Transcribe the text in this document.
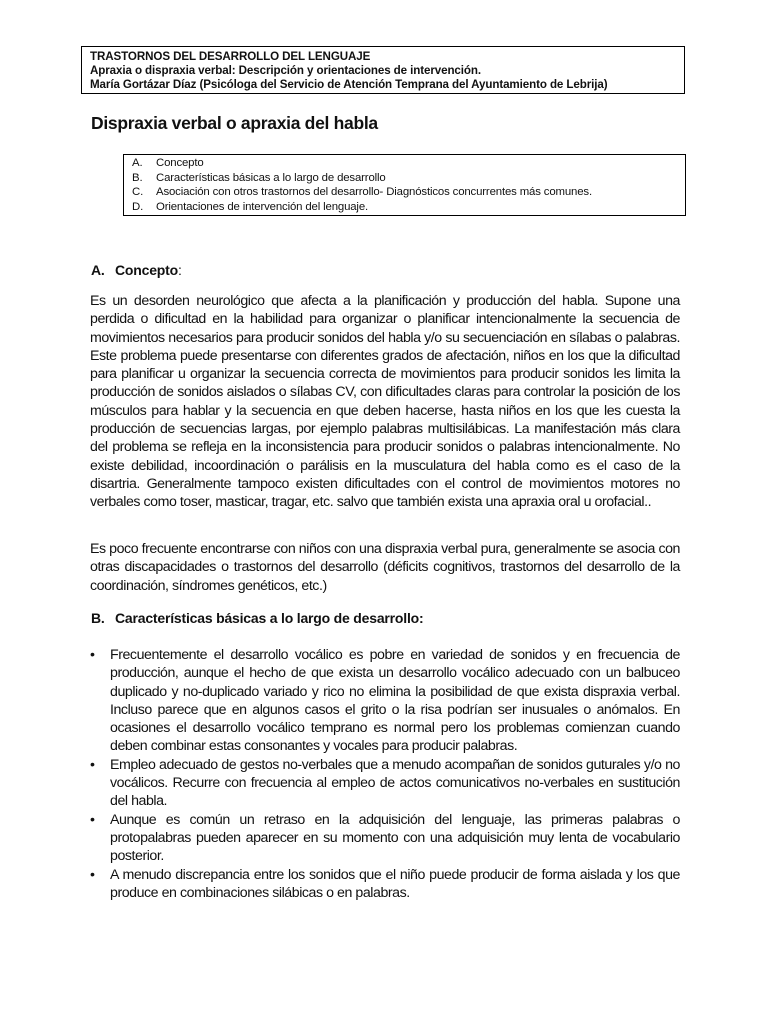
TRASTORNOS DEL DESARROLLO DEL LENGUAJE
Apraxia o dispraxia verbal: Descripción y orientaciones de intervención.
María Gortázar Díaz (Psicóloga del Servicio de Atención Temprana del Ayuntamiento de Lebrija)
Dispraxia verbal o apraxia del habla
A.	Concepto
B.	Características básicas a lo largo de desarrollo
C.	Asociación con otros trastornos del desarrollo- Diagnósticos concurrentes más comunes.
D.	Orientaciones de intervención del lenguaje.
A. Concepto:

Es un desorden neurológico que afecta a la planificación y producción del habla. Supone una perdida o dificultad en la habilidad para organizar o planificar intencionalmente la secuencia de movimientos necesarios para producir sonidos del habla y/o su secuenciación en sílabas o palabras. Este problema puede presentarse con diferentes grados de afectación, niños en los que la dificultad para planificar u organizar la secuencia correcta de movimientos para producir sonidos les limita la producción de sonidos aislados o sílabas CV, con dificultades claras para controlar la posición de los músculos para hablar y la secuencia en que deben hacerse, hasta niños en los que les cuesta la producción de secuencias largas, por ejemplo palabras multisilábicas. La manifestación más clara del problema se refleja en la inconsistencia para producir sonidos o palabras intencionalmente. No existe debilidad, incoordinación o parálisis en la musculatura del habla como es el caso de la disartria. Generalmente tampoco existen dificultades con el control de movimientos motores no verbales como toser, masticar, tragar, etc. salvo que también exista una apraxia oral u orofacial..

Es poco frecuente encontrarse con niños con una dispraxia verbal pura, generalmente se asocia con otras discapacidades o trastornos del desarrollo (déficits cognitivos, trastornos del desarrollo de la coordinación, síndromes genéticos, etc.)

B. Características básicas a lo largo de desarrollo:
• Frecuentemente el desarrollo vocálico es pobre en variedad de sonidos y en frecuencia de producción, aunque el hecho de que exista un desarrollo vocálico adecuado con un balbuceo duplicado y no-duplicado variado y rico no elimina la posibilidad de que exista dispraxia verbal. Incluso parece que en algunos casos el grito o la risa podrían ser inusuales o anómalos. En ocasiones el desarrollo vocálico temprano es normal pero los problemas comienzan cuando deben combinar estas consonantes y vocales para producir palabras.
• Empleo adecuado de gestos no-verbales que a menudo acompañan de sonidos guturales y/o no vocálicos. Recurre con frecuencia al empleo de actos comunicativos no-verbales en sustitución del habla.
• Aunque es común un retraso en la adquisición del lenguaje, las primeras palabras o protopalabras pueden aparecer en su momento con una adquisición muy lenta de vocabulario posterior.
• A menudo discrepancia entre los sonidos que el niño puede producir de forma aislada y los que produce en combinaciones silábicas o en palabras.
